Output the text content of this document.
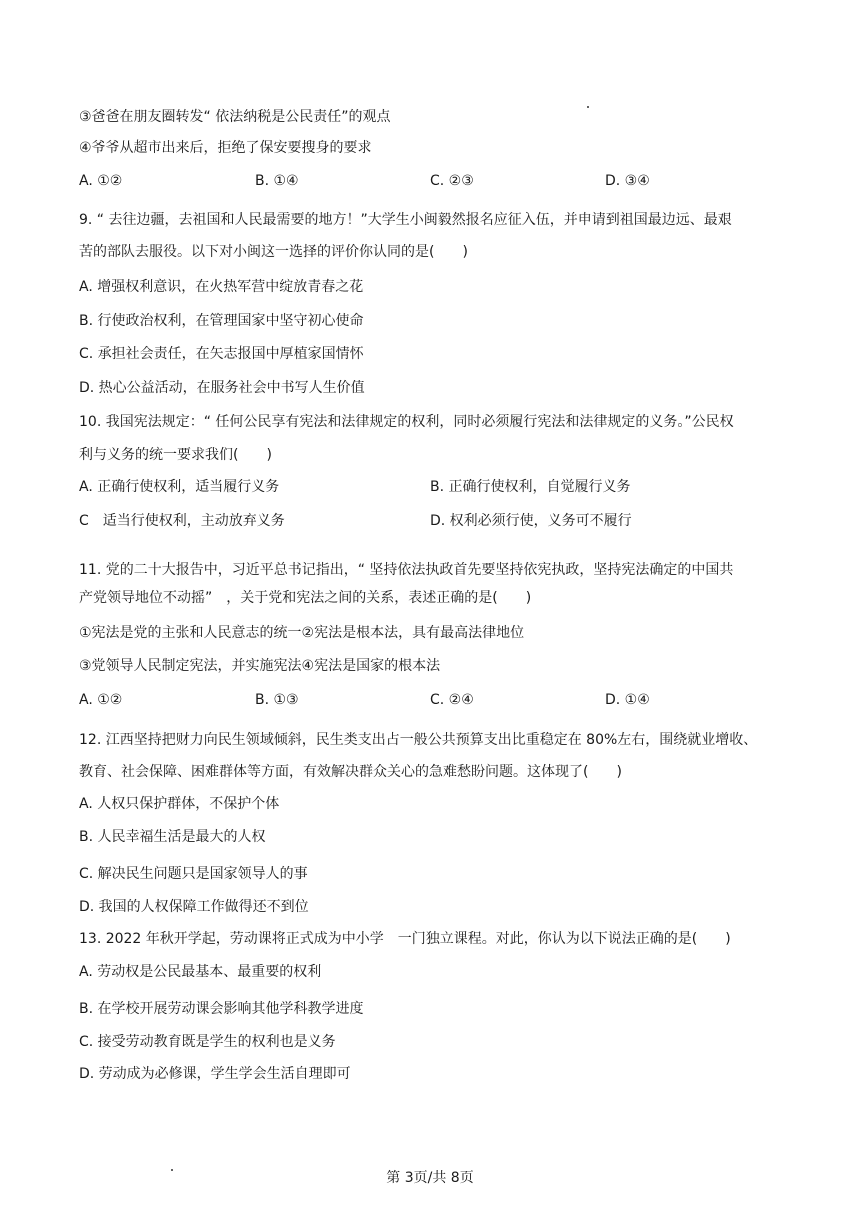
③爸爸在朋友圈转发“ 依法纳税是公民责任”的观点
④爷爷从超市出来后，拒绝了保安要搜身的要求
A. ①②	B. ①④	C. ②③	D. ③④
9. “ 去往边疆，去祖国和人民最需要的地方！”大学生小闽毅然报名应征入伍，并申请到祖国最边远、最艰
苦的部队去服役。以下对小闽这一选择的评价你认同的是(　　)
A. 增强权利意识，在火热军营中绽放青春之花
B. 行使政治权利，在管理国家中坚守初心使命
C. 承担社会责任，在矢志报国中厚植家国情怀
D. 热心公益活动，在服务社会中书写人生价值
10. 我国宪法规定：“ 任何公民享有宪法和法律规定的权利，同时必须履行宪法和法律规定的义务。”公民权
利与义务的统一要求我们(　　)
A. 正确行使权利，适当履行义务	B. 正确行使权利，自觉履行义务
C　适当行使权利，主动放弃义务	D. 权利必须行使，义务可不履行
11. 党的二十大报告中，习近平总书记指出，“ 坚持依法执政首先要坚持依宪执政，坚持宪法确定的中国共
产党领导地位不动摇”　，关于党和宪法之间的关系，表述正确的是(　　)
①宪法是党的主张和人民意志的统一②宪法是根本法，具有最高法律地位
③党领导人民制定宪法，并实施宪法④宪法是国家的根本法
A. ①②	B. ①③	C. ②④	D. ①④
12. 江西坚持把财力向民生领域倾斜，民生类支出占一般公共预算支出比重稳定在 80%左右，围绕就业增收、
教育、社会保障、困难群体等方面，有效解决群众关心的急难愁盼问题。这体现了(　　)
A. 人权只保护群体，不保护个体
B. 人民幸福生活是最大的人权
C. 解决民生问题只是国家领导人的事
D. 我国的人权保障工作做得还不到位
13. 2022 年秋开学起，劳动课将正式成为中小学　一门独立课程。对此，你认为以下说法正确的是(　　)
A. 劳动权是公民最基本、最重要的权利
B. 在学校开展劳动课会影响其他学科教学进度
C. 接受劳动教育既是学生的权利也是义务
D. 劳动成为必修课，学生学会生活自理即可
第 3页/共 8页
